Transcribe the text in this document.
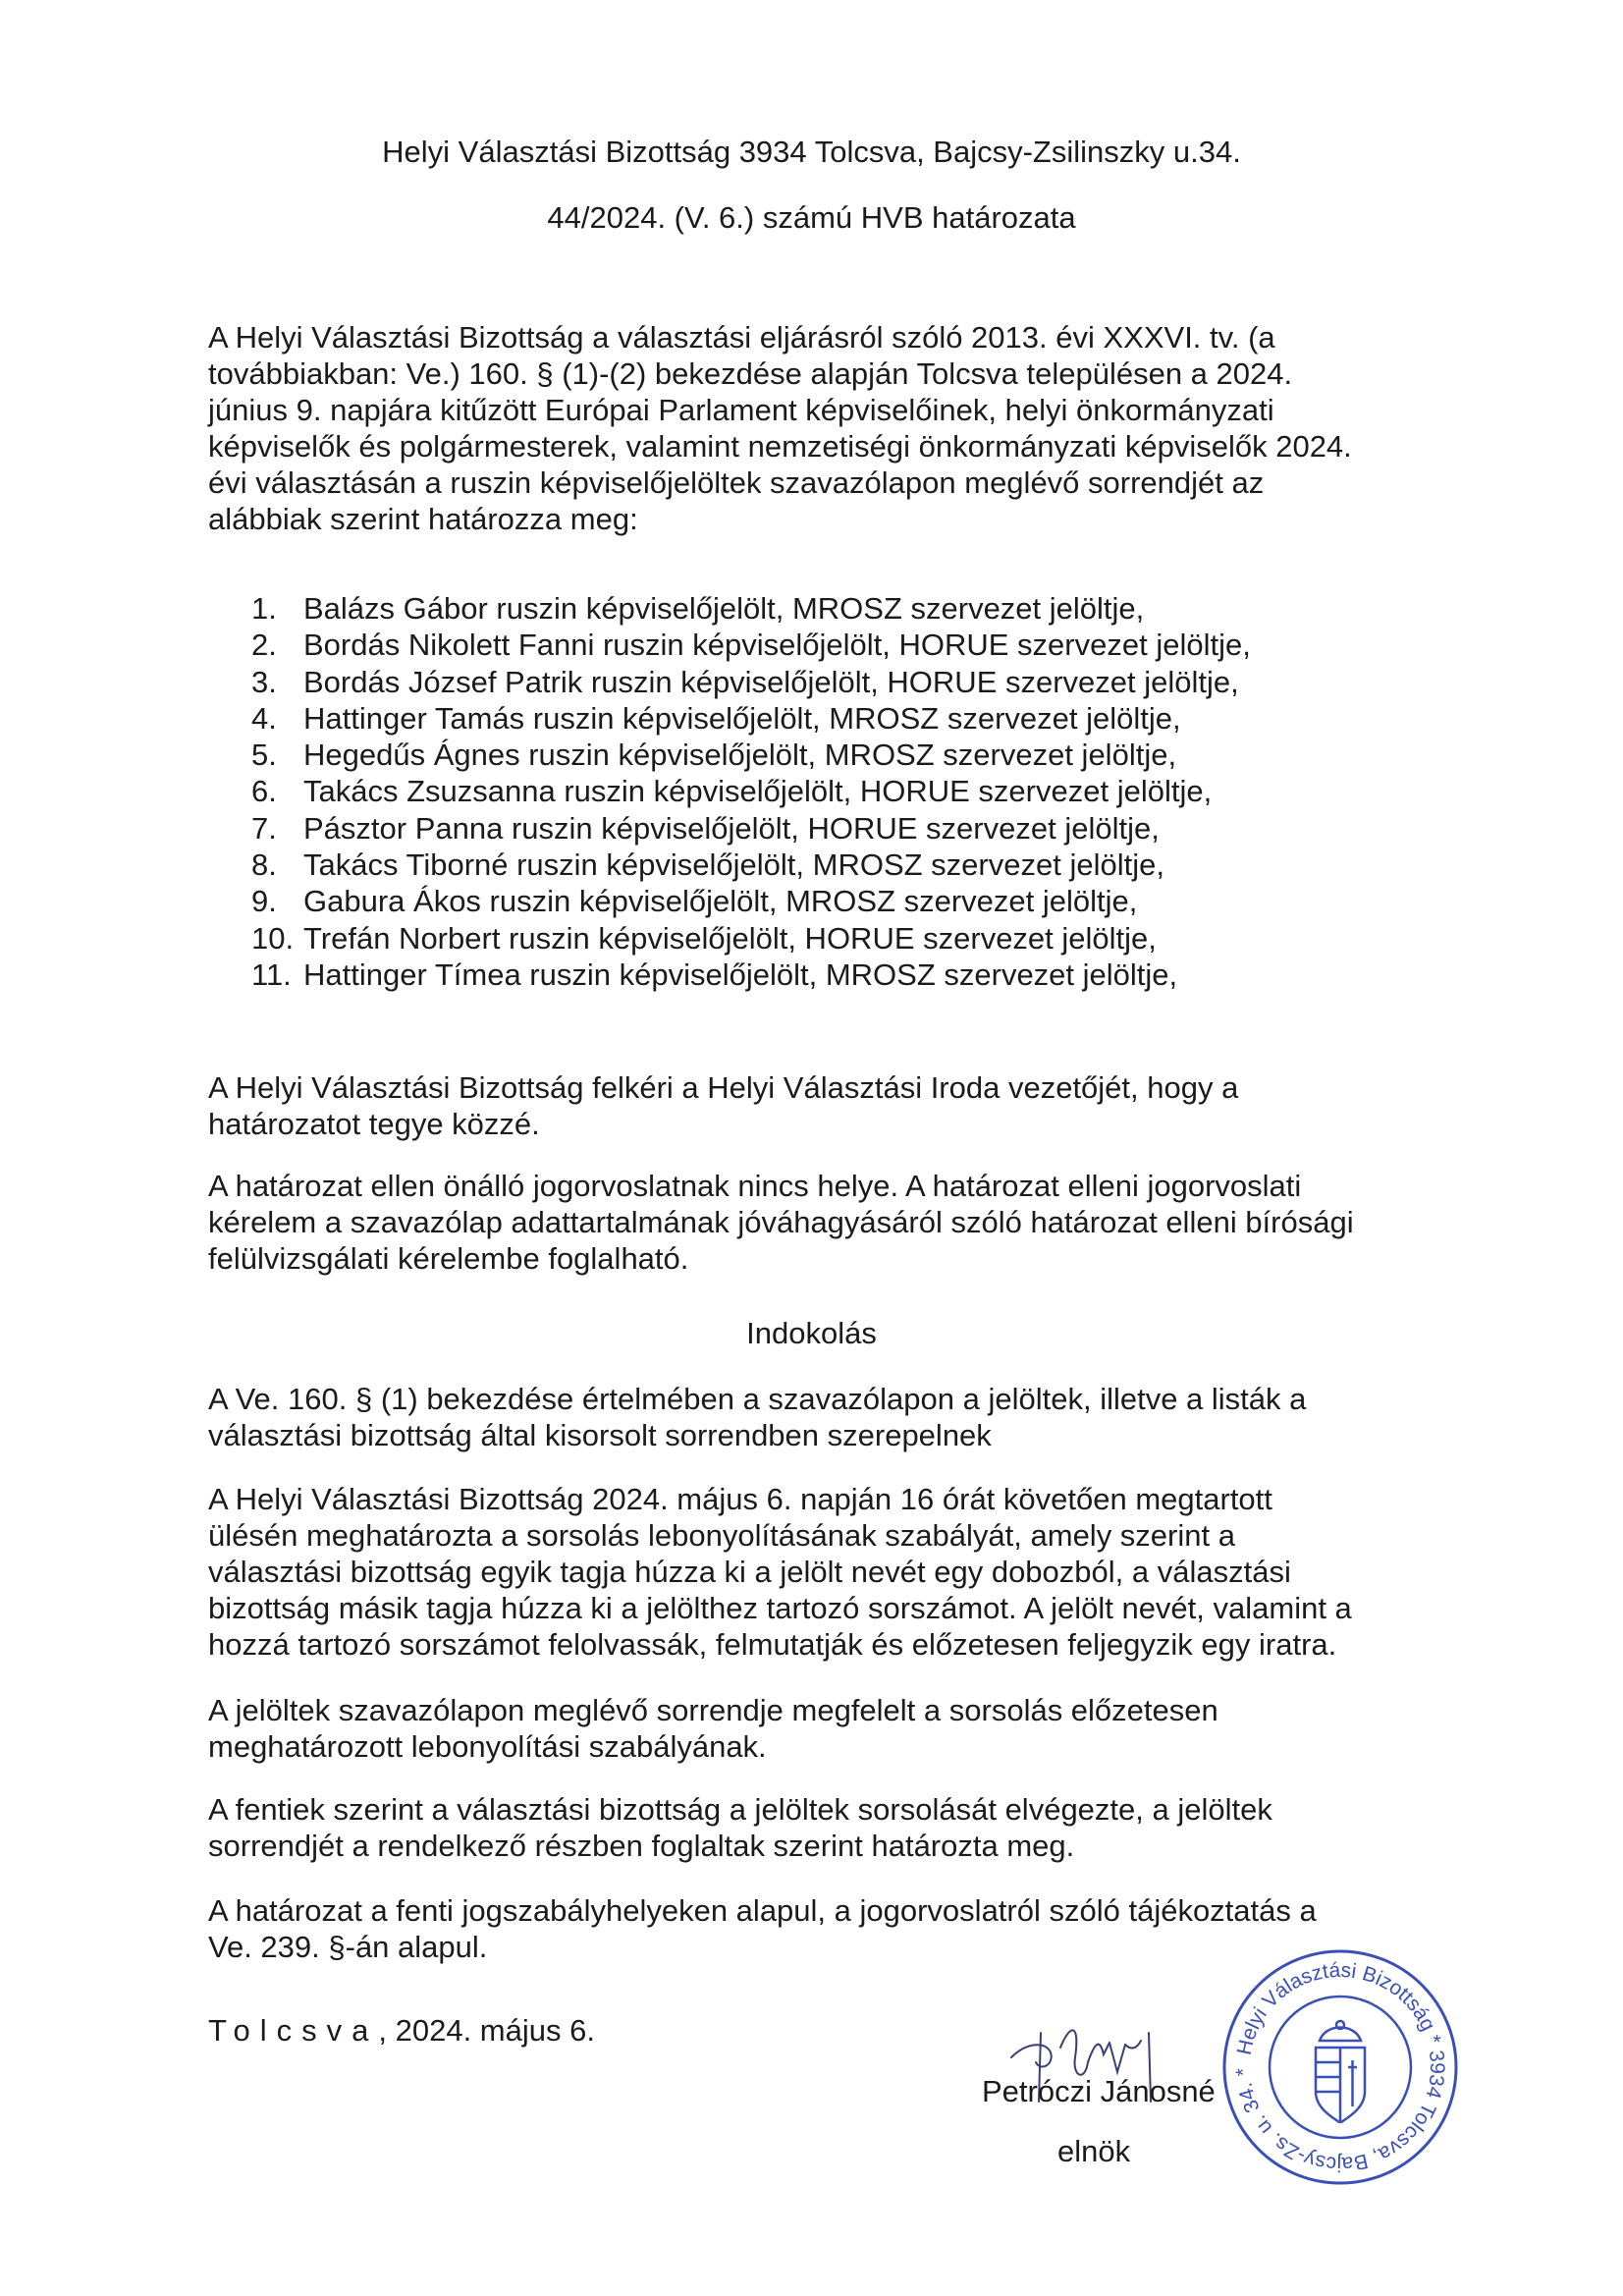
Helyi Választási Bizottság 3934 Tolcsva, Bajcsy-Zsilinszky u.34.
44/2024. (V. 6.) számú HVB határozata
A Helyi Választási Bizottság a választási eljárásról szóló 2013. évi XXXVI. tv. (a
továbbiakban: Ve.) 160. § (1)-(2) bekezdése alapján Tolcsva településen a 2024.
június 9. napjára kitűzött Európai Parlament képviselőinek, helyi önkormányzati
képviselők és polgármesterek, valamint nemzetiségi önkormányzati képviselők 2024.
évi választásán a ruszin képviselőjelöltek szavazólapon meglévő sorrendjét az
alábbiak szerint határozza meg:
1. Balázs Gábor ruszin képviselőjelölt, MROSZ szervezet jelöltje,
2. Bordás Nikolett Fanni ruszin képviselőjelölt, HORUE szervezet jelöltje,
3. Bordás József Patrik ruszin képviselőjelölt, HORUE szervezet jelöltje,
4. Hattinger Tamás ruszin képviselőjelölt, MROSZ szervezet jelöltje,
5. Hegedűs Ágnes ruszin képviselőjelölt, MROSZ szervezet jelöltje,
6. Takács Zsuzsanna ruszin képviselőjelölt, HORUE szervezet jelöltje,
7. Pásztor Panna ruszin képviselőjelölt, HORUE szervezet jelöltje,
8. Takács Tiborné ruszin képviselőjelölt, MROSZ szervezet jelöltje,
9. Gabura Ákos ruszin képviselőjelölt, MROSZ szervezet jelöltje,
10. Trefán Norbert ruszin képviselőjelölt, HORUE szervezet jelöltje,
11. Hattinger Tímea ruszin képviselőjelölt, MROSZ szervezet jelöltje,
A Helyi Választási Bizottság felkéri a Helyi Választási Iroda vezetőjét, hogy a
határozatot tegye közzé.
A határozat ellen önálló jogorvoslatnak nincs helye. A határozat elleni jogorvoslati
kérelem a szavazólap adattartalmának jóváhagyásáról szóló határozat elleni bírósági
felülvizsgálati kérelembe foglalható.
Indokolás
A Ve. 160. § (1) bekezdése értelmében a szavazólapon a jelöltek, illetve a listák a
választási bizottság által kisorsolt sorrendben szerepelnek
A Helyi Választási Bizottság 2024. május 6. napján 16 órát követően megtartott
ülésén meghatározta a sorsolás lebonyolításának szabályát, amely szerint a
választási bizottság egyik tagja húzza ki a jelölt nevét egy dobozból, a választási
bizottság másik tagja húzza ki a jelölthez tartozó sorszámot. A jelölt nevét, valamint a
hozzá tartozó sorszámot felolvassák, felmutatják és előzetesen feljegyzik egy iratra.
A jelöltek szavazólapon meglévő sorrendje megfelelt a sorsolás előzetesen
meghatározott lebonyolítási szabályának.
A fentiek szerint a választási bizottság a jelöltek sorsolását elvégezte, a jelöltek
sorrendjét a rendelkező részben foglaltak szerint határozta meg.
A határozat a fenti jogszabályhelyeken alapul, a jogorvoslatról szóló tájékoztatás a
Ve. 239. §-án alapul.

Tolcsva, 2024. május 6.

Petróczi Jánosné

elnök

Helyi Választási Bizottság * 3934 Tolcsva, Bajcsy-Zs. u. 34. *
